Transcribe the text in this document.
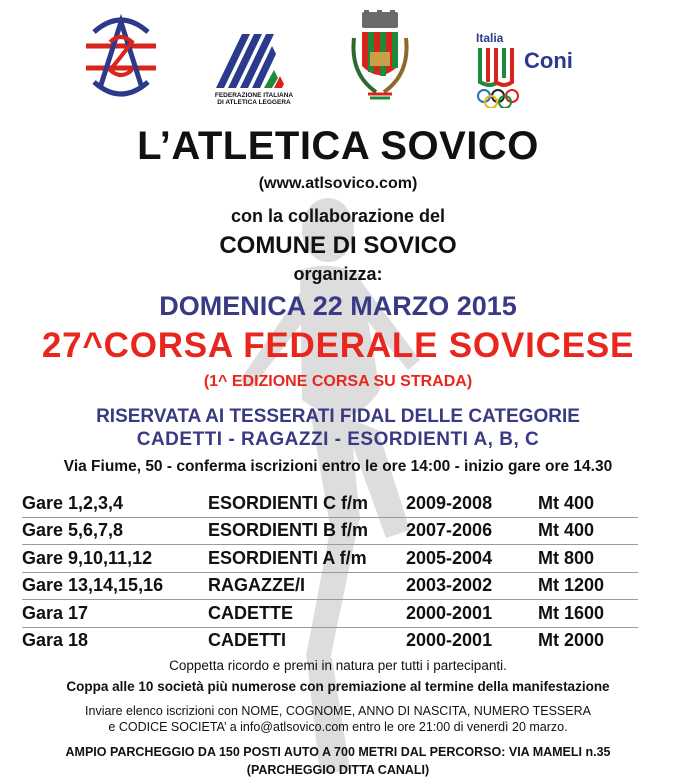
FEDERAZIONE ITALIANA
DI ATLETICA LEGGERA
Italia
Coni
L’ATLETICA SOVICO
(www.atlsovico.com)
con la collaborazione del
COMUNE DI SOVICO
organizza:
DOMENICA 22 MARZO 2015
27^CORSA FEDERALE SOVICESE
(1^ EDIZIONE CORSA SU STRADA)
RISERVATA AI TESSERATI FIDAL DELLE CATEGORIE
CADETTI - RAGAZZI - ESORDIENTI A, B, C
Via Fiume, 50 - conferma iscrizioni entro le ore 14:00 - inizio gare ore 14.30
Gare	1,2,3,4	ESORDIENTI C f/m	2009-2008	Mt 400
Gare	5,6,7,8	ESORDIENTI B f/m	2007-2006	Mt 400
Gare	9,10,11,12	ESORDIENTI A f/m	2005-2004	Mt 800
Gare	13,14,15,16	RAGAZZE/I	2003-2002	Mt 1200
Gara	17	CADETTE	2000-2001	Mt 1600
Gara	18	CADETTI	2000-2001	Mt 2000
Coppetta ricordo e premi in natura per tutti i partecipanti.
Coppa alle 10 società più numerose con premiazione al termine della manifestazione
Inviare elenco iscrizioni con NOME, COGNOME, ANNO DI NASCITA, NUMERO TESSERA
e CODICE SOCIETA’ a info@atlsovico.com entro le ore 21:00 di venerdì 20 marzo.
AMPIO PARCHEGGIO DA 150 POSTI AUTO A 700 METRI DAL PERCORSO: VIA MAMELI n.35
(PARCHEGGIO DITTA CANALI)
